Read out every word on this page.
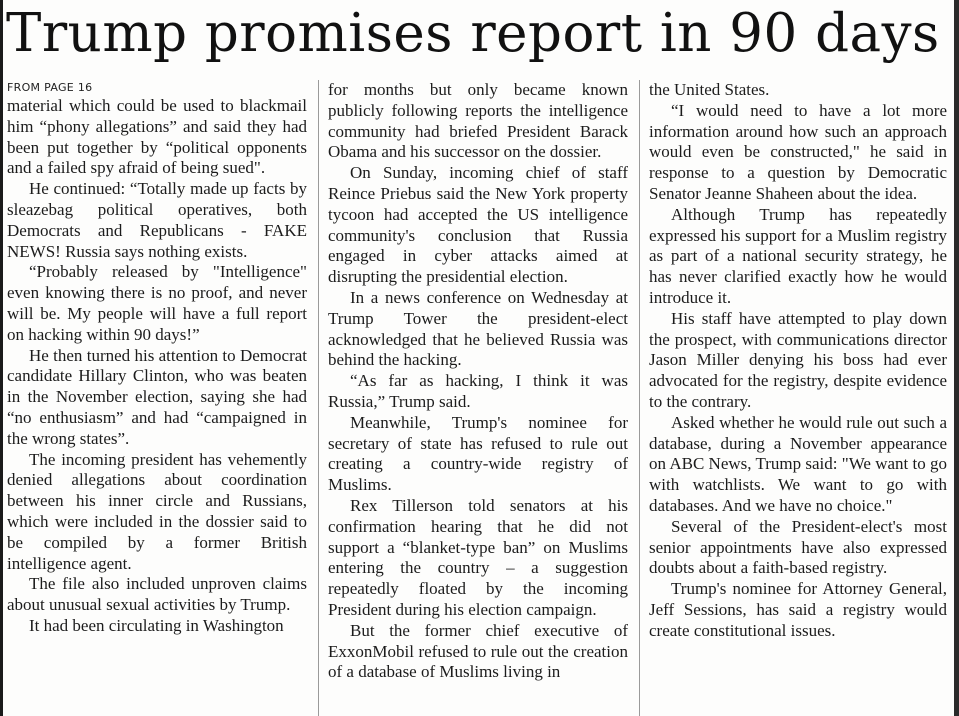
Trump promises report in 90 days

FROM PAGE 16

material which could be used to blackmail him “phony allegations” and said they had been put together by “political opponents and a failed spy afraid of being sued".

He continued: “Totally made up facts by sleazebag political operatives, both Democrats and Republicans - FAKE NEWS! Russia says nothing exists.

“Probably released by "Intelligence" even knowing there is no proof, and never will be. My people will have a full report on hacking within 90 days!”

He then turned his attention to Democrat candidate Hillary Clinton, who was beaten in the November election, saying she had “no enthusiasm” and had “campaigned in the wrong states”.

The incoming president has vehemently denied allegations about coordination between his inner circle and Russians, which were included in the dossier said to be compiled by a former British intelligence agent.

The file also included unproven claims about unusual sexual activities by Trump.

It had been circulating in Washington

for months but only became known publicly following reports the intelligence community had briefed President Barack Obama and his successor on the dossier.

On Sunday, incoming chief of staff Reince Priebus said the New York property tycoon had accepted the US intelligence community's conclusion that Russia engaged in cyber attacks aimed at disrupting the presidential election.

In a news conference on Wednesday at Trump Tower the president-elect acknowledged that he believed Russia was behind the hacking.

“As far as hacking, I think it was Russia,” Trump said.

Meanwhile, Trump's nominee for secretary of state has refused to rule out creating a country-wide registry of Muslims.

Rex Tillerson told senators at his confirmation hearing that he did not support a “blanket-type ban” on Muslims entering the country – a suggestion repeatedly floated by the incoming President during his election campaign.

But the former chief executive of ExxonMobil refused to rule out the creation of a database of Muslims living in

the United States.

“I would need to have a lot more information around how such an approach would even be constructed," he said in response to a question by Democratic Senator Jeanne Shaheen about the idea.

Although Trump has repeatedly expressed his support for a Muslim registry as part of a national security strategy, he has never clarified exactly how he would introduce it.

His staff have attempted to play down the prospect, with communications director Jason Miller denying his boss had ever advocated for the registry, despite evidence to the contrary.

Asked whether he would rule out such a database, during a November appearance on ABC News, Trump said: "We want to go with watchlists. We want to go with databases. And we have no choice."

Several of the President-elect's most senior appointments have also expressed doubts about a faith-based registry.

Trump's nominee for Attorney General, Jeff Sessions, has said a registry would create constitutional issues.
